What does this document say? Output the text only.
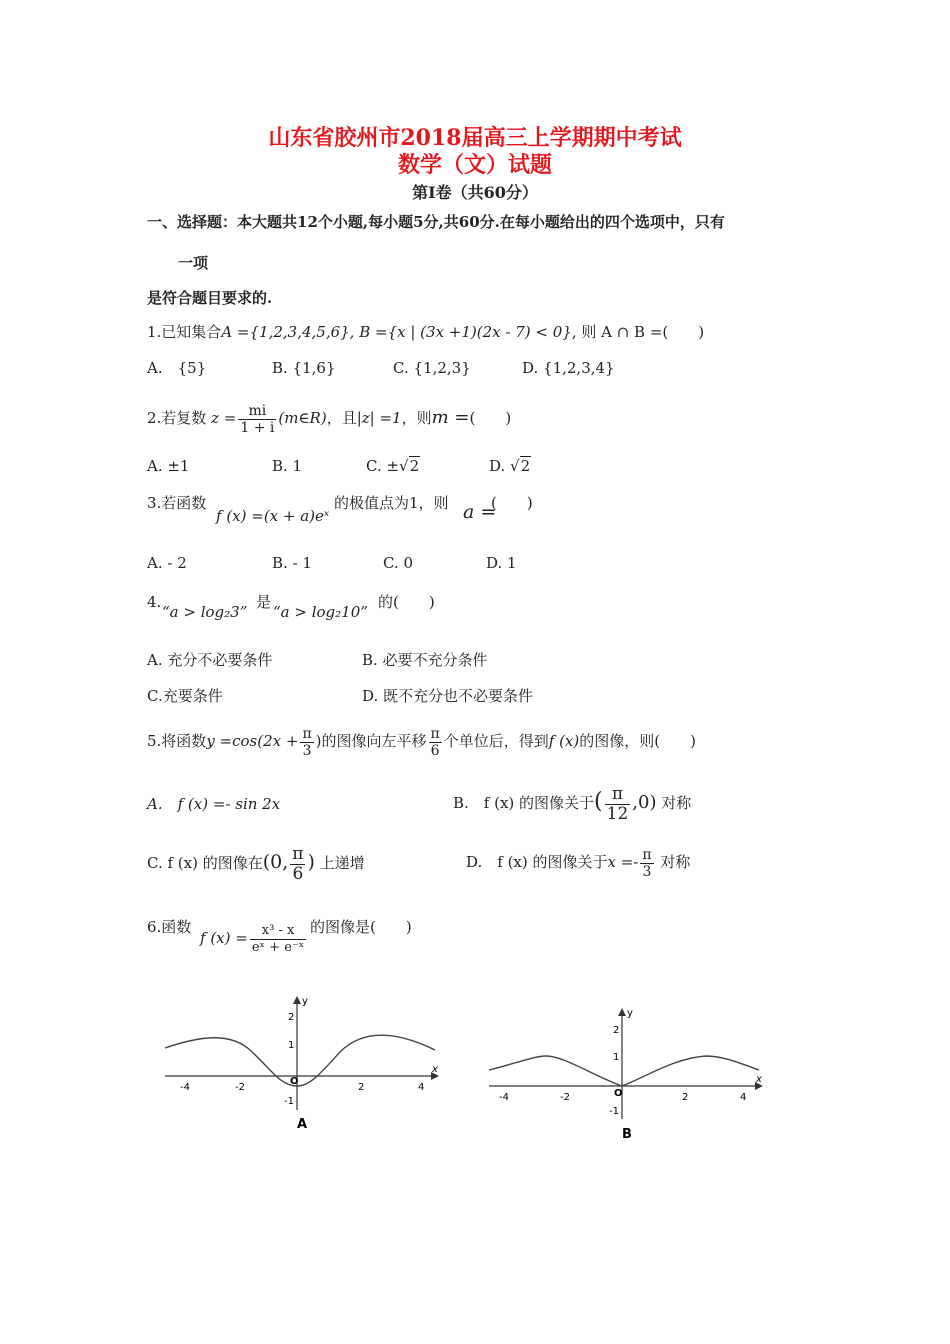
山东省胶州市2018届高三上学期期中考试
数学（文）试题
第Ⅰ卷（共60分）
一、选择题：本大题共12个小题,每小题5分,共60分.在每小题给出的四个选项中，只有
一项
是符合题目要求的.
1.已知集合A ={1,2,3,4,5,6}, B ={x | (3x +1)(2x - 7) < 0}, 则 A ∩ B =(　　)
A.　{5}	B. {1,6}	C. {1,2,3}	D. {1,2,3,4}
2.若复数 $z = \frac{mi}{1 + i}$ (m∈R)，且|z| =1，则m =(　　)
A. ±1	B. 1	C. ±√2	D. √2
3.若函数
f (x) =(x + a)eˣ
的极值点为1，则 a =
(　　)
A. - 2	B. - 1	C. 0	D. 1
4.
“a > log₂3”
是
“a > log₂10”
的(　　)
A. 充分不必要条件	B. 必要不充分条件
C.充要条件	D. 既不充分也不必要条件
5.将函数$y =\cos(2x + \frac{\pi}{3}$ )的图像向左平移 $\frac{\pi}{6}$ 个单位后，得到f (x)的图像，则(　　)
A.　f (x) =- sin 2x	B.　f (x) 的图像关于( $\frac{\pi}{12} ,0$) 对称
C. f (x) 的图像在(0, $\frac{\pi}{6}$ ) 上递增	D.　f (x) 的图像关于$x =- \frac{\pi}{3}$ 对称
6.函数
f $(x) = \frac{\text{x³ - x}}{\text{eˣ + e⁻ˣ}}$ 的图像是(　　)
-4	-2	2	4
2
1
-1
O
y
x
A
-4	-2	2	4
2
1
-1
O
y
x
B
